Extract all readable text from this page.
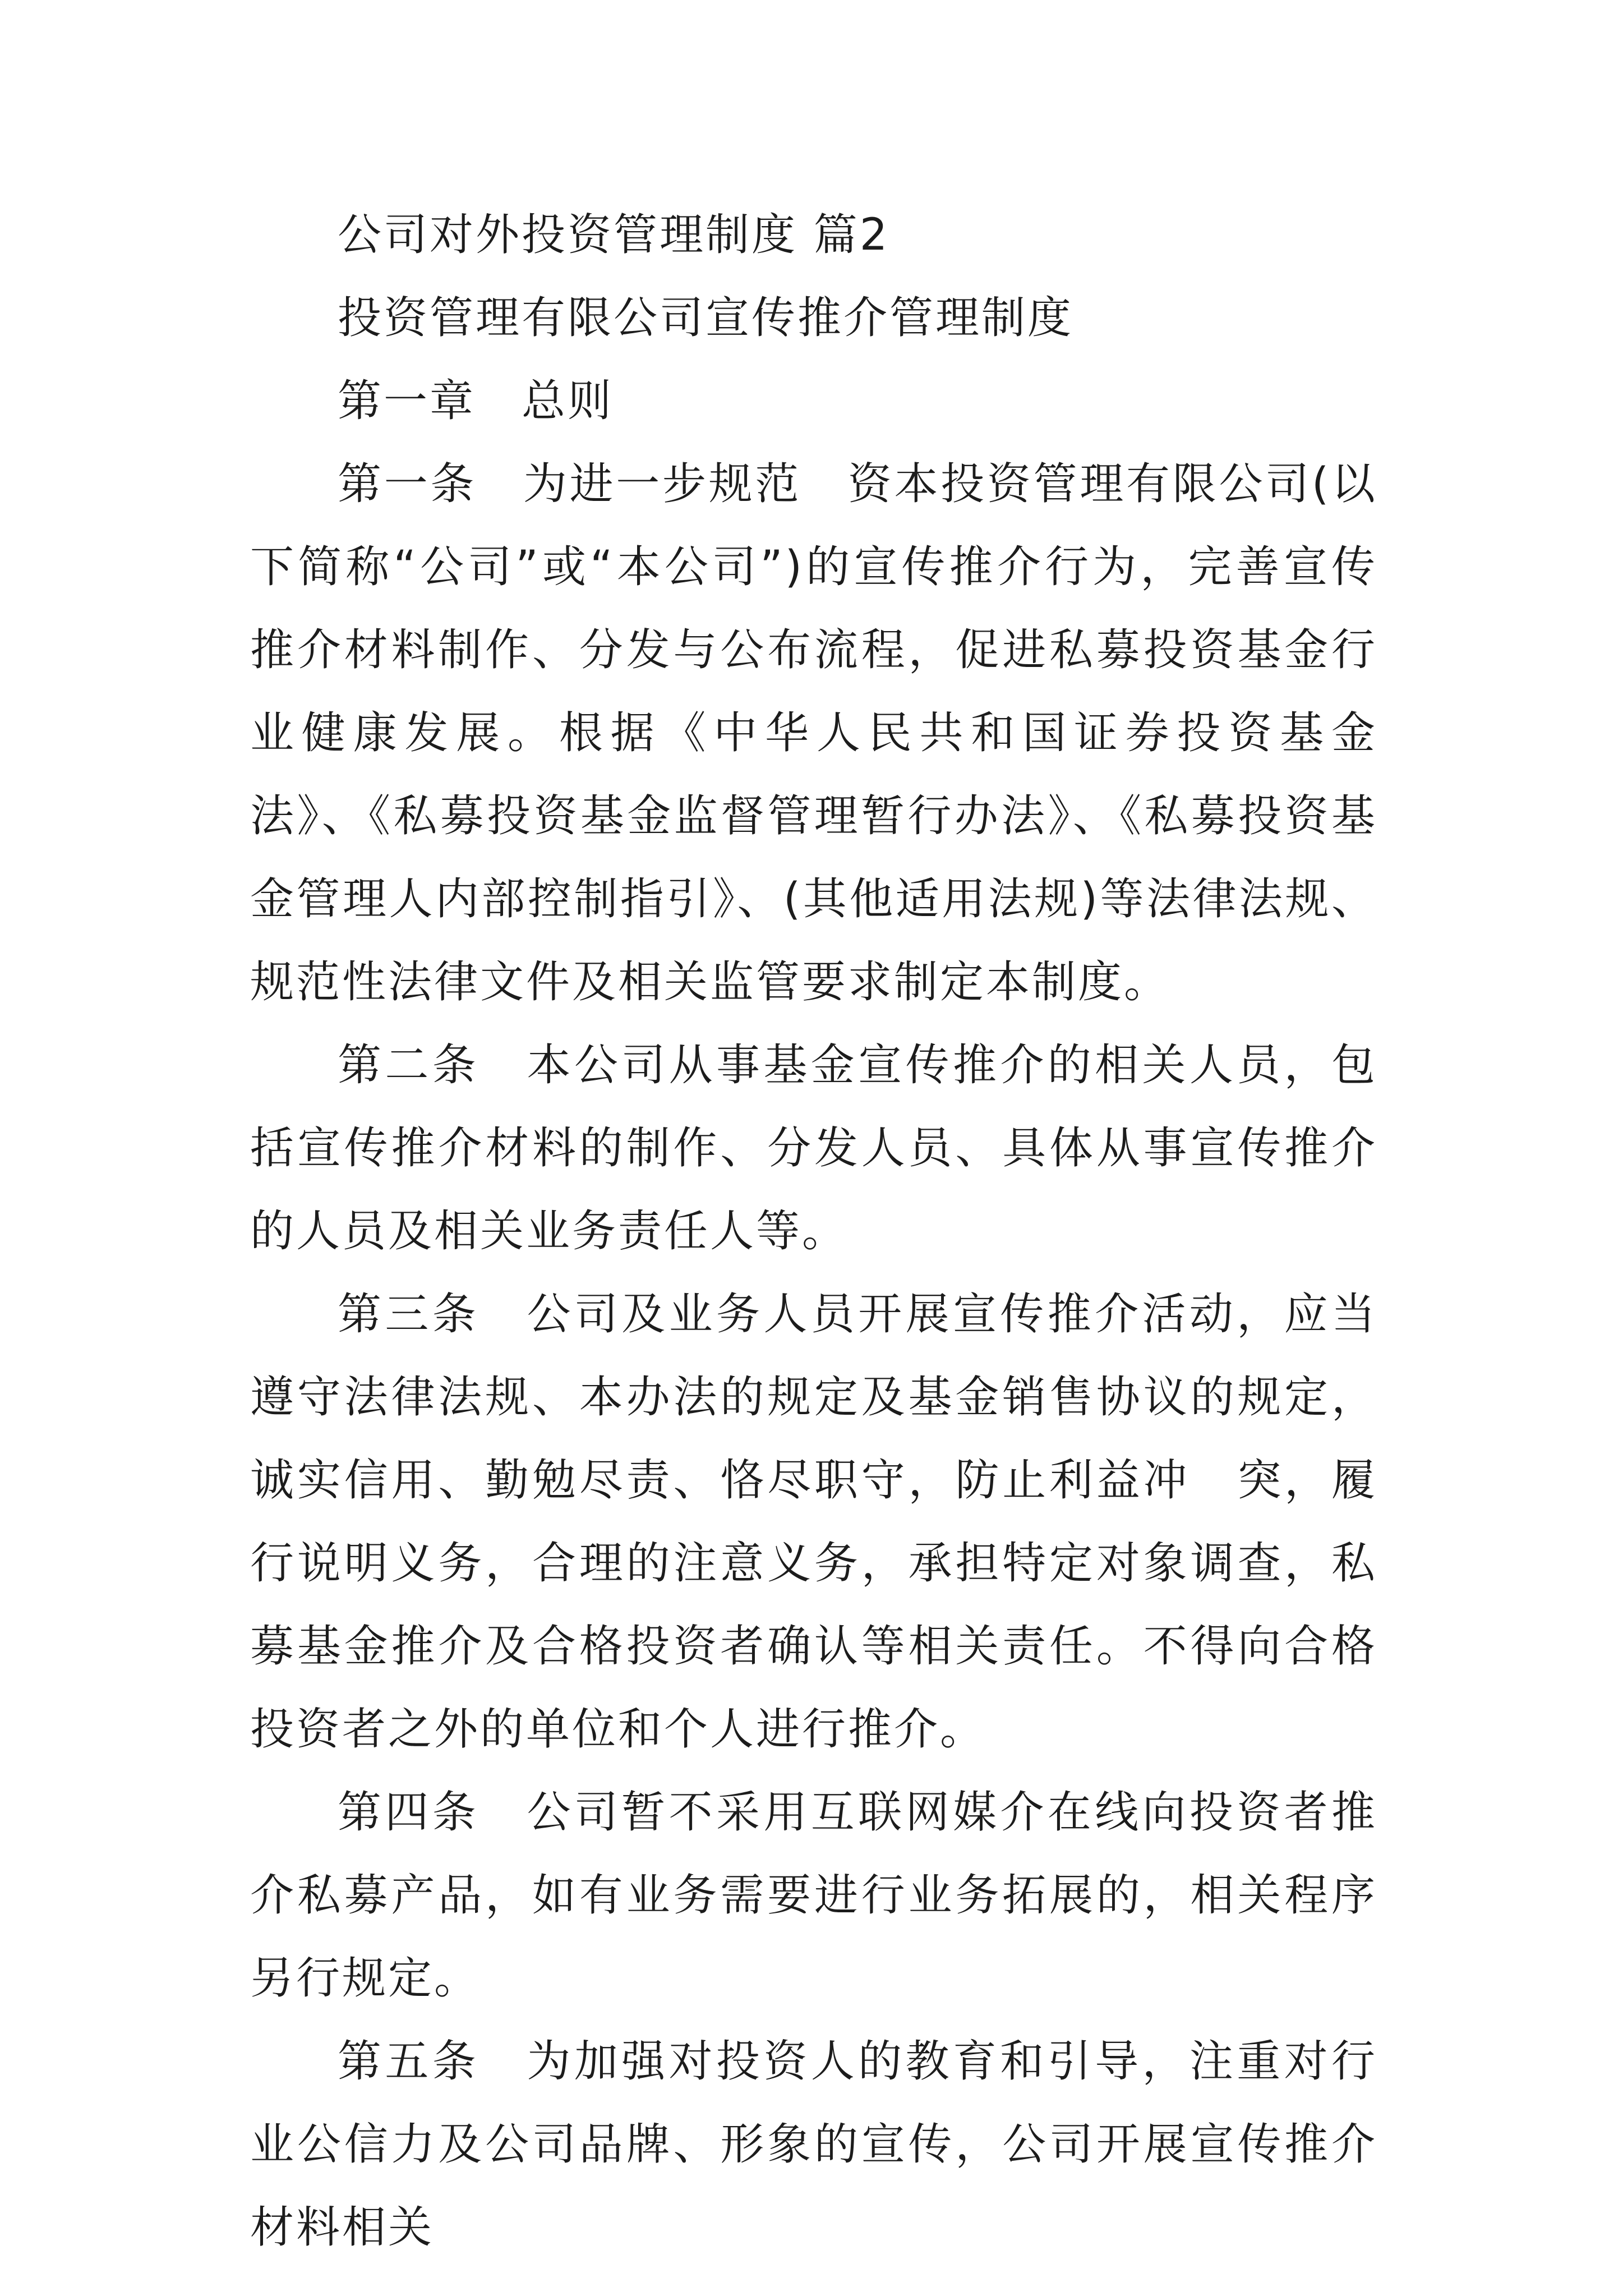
公司对外投资管理制度 篇2
投资管理有限公司宣传推介管理制度
第一章　总则
第一条　为进一步规范　资本投资管理有限公司(以下简称“公司”或“本公司”)的宣传推介行为，完善宣传推介材料制作、分发与公布流程，促进私募投资基金行业健康发展。根据《中华人民共和国证券投资基金法》、《私募投资基金监督管理暂行办法》、《私募投资基金管理人内部控制指引》、(其他适用法规)等法律法规、规范性法律文件及相关监管要求制定本制度。
第二条　本公司从事基金宣传推介的相关人员，包括宣传推介材料的制作、分发人员、具体从事宣传推介的人员及相关业务责任人等。
第三条　公司及业务人员开展宣传推介活动，应当遵守法律法规、本办法的规定及基金销售协议的规定，诚实信用、勤勉尽责、恪尽职守，防止利益冲　突，履行说明义务，合理的注意义务，承担特定对象调查，私募基金推介及合格投资者确认等相关责任。不得向合格投资者之外的单位和个人进行推介。
第四条　公司暂不采用互联网媒介在线向投资者推介私募产品，如有业务需要进行业务拓展的，相关程序另行规定。
第五条　为加强对投资人的教育和引导，注重对行业公信力及公司品牌、形象的宣传，公司开展宣传推介材料相关
